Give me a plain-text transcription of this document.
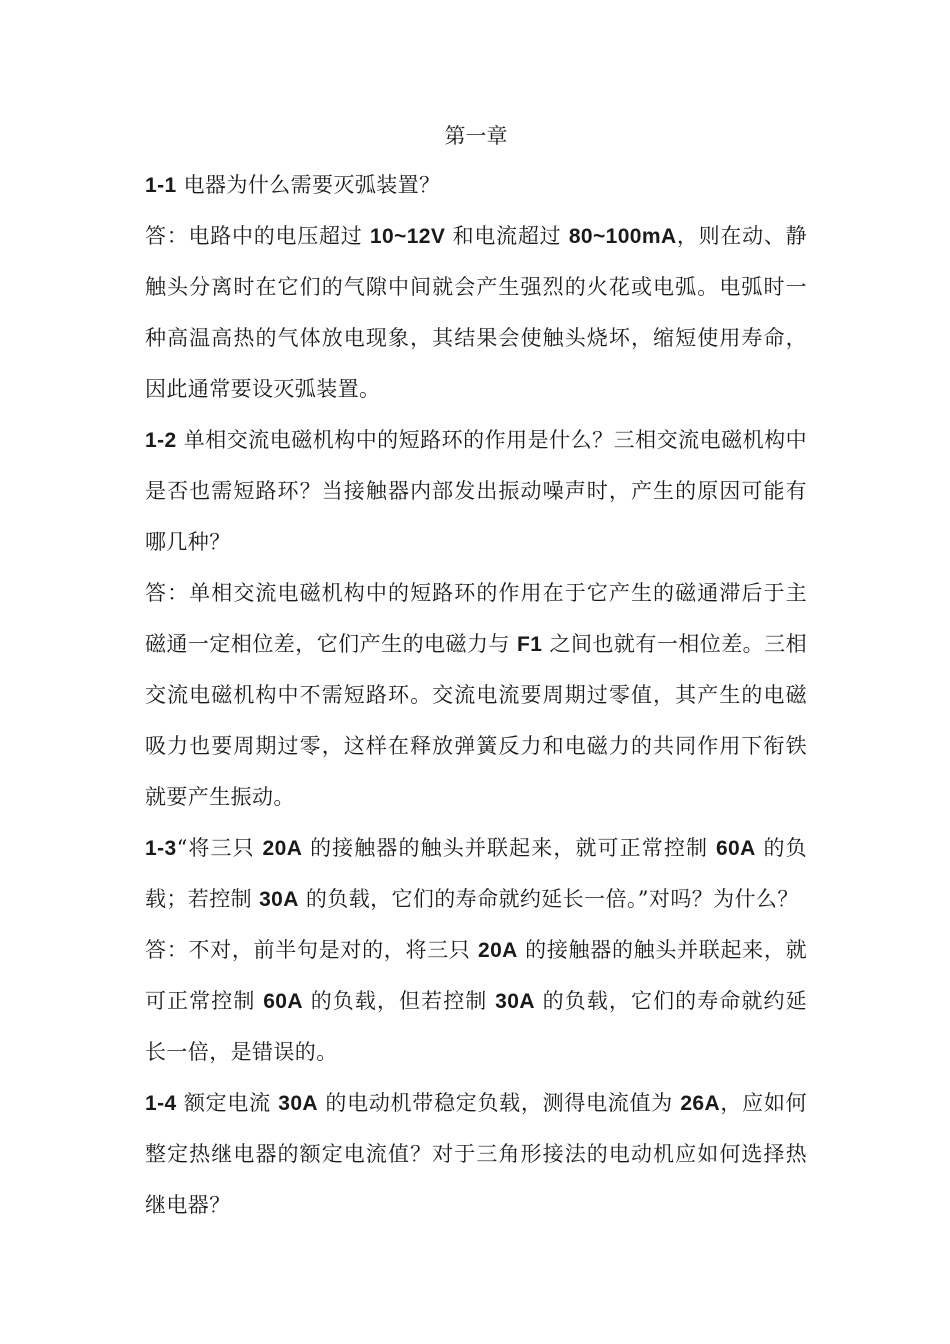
第一章

1-1 电器为什么需要灭弧装置？

答：电路中的电压超过 10~12V 和电流超过 80~100mA，则在动、静触头分离时在它们的气隙中间就会产生强烈的火花或电弧。电弧时一种高温高热的气体放电现象，其结果会使触头烧坏，缩短使用寿命，因此通常要设灭弧装置。

1-2 单相交流电磁机构中的短路环的作用是什么？三相交流电磁机构中是否也需短路环？当接触器内部发出振动噪声时，产生的原因可能有哪几种？

答：单相交流电磁机构中的短路环的作用在于它产生的磁通滞后于主磁通一定相位差，它们产生的电磁力与 F1 之间也就有一相位差。三相交流电磁机构中不需短路环。交流电流要周期过零值，其产生的电磁吸力也要周期过零，这样在释放弹簧反力和电磁力的共同作用下衔铁就要产生振动。

1-3“将三只 20A 的接触器的触头并联起来，就可正常控制 60A 的负载；若控制 30A 的负载，它们的寿命就约延长一倍。”对吗？为什么？

答：不对，前半句是对的，将三只 20A 的接触器的触头并联起来，就可正常控制 60A 的负载，但若控制 30A 的负载，它们的寿命就约延长一倍，是错误的。

1-4 额定电流 30A 的电动机带稳定负载，测得电流值为 26A，应如何整定热继电器的额定电流值？对于三角形接法的电动机应如何选择热继电器？
